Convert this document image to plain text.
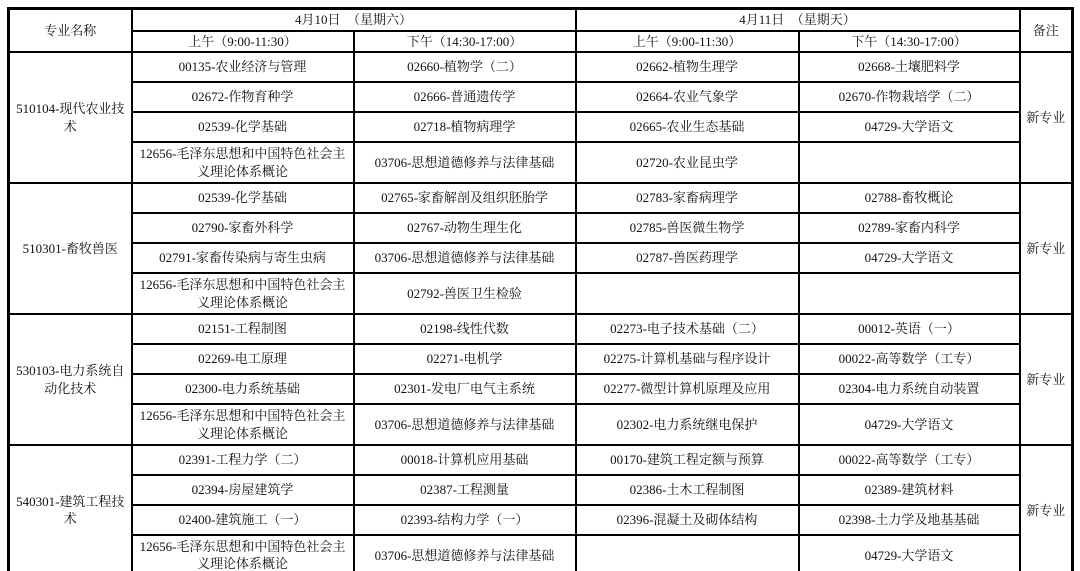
专业名称	4月10日　（星期六）		4月11日　（星期天）		备注
	上午（9:00-11:30）	下午（14:30-17:00）	上午（9:00-11:30）	下午（14:30-17:00）	
510104-现代农业技术	00135-农业经济与管理	02660-植物学（二）	02662-植物生理学	02668-土壤肥料学	新专业
	02672-作物育种学	02666-普通遗传学	02664-农业气象学	02670-作物栽培学（二）	
	02539-化学基础	02718-植物病理学	02665-农业生态基础	04729-大学语文	
	12656-毛泽东思想和中国特色社会主义理论体系概论	03706-思想道德修养与法律基础	02720-农业昆虫学		
510301-畜牧兽医	02539-化学基础	02765-家畜解剖及组织胚胎学	02783-家畜病理学	02788-畜牧概论	新专业
	02790-家畜外科学	02767-动物生理生化	02785-兽医微生物学	02789-家畜内科学	
	02791-家畜传染病与寄生虫病	03706-思想道德修养与法律基础	02787-兽医药理学	04729-大学语文	
	12656-毛泽东思想和中国特色社会主义理论体系概论	02792-兽医卫生检验			
530103-电力系统自动化技术	02151-工程制图	02198-线性代数	02273-电子技术基础（二）	00012-英语（一）	新专业
	02269-电工原理	02271-电机学	02275-计算机基础与程序设计	00022-高等数学（工专）	
	02300-电力系统基础	02301-发电厂电气主系统	02277-微型计算机原理及应用	02304-电力系统自动装置	
	12656-毛泽东思想和中国特色社会主义理论体系概论	03706-思想道德修养与法律基础	02302-电力系统继电保护	04729-大学语文	
540301-建筑工程技术	02391-工程力学（二）	00018-计算机应用基础	00170-建筑工程定额与预算	00022-高等数学（工专）	新专业
	02394-房屋建筑学	02387-工程测量	02386-土木工程制图	02389-建筑材料	
	02400-建筑施工（一）	02393-结构力学（一）	02396-混凝土及砌体结构	02398-土力学及地基基础	
	12656-毛泽东思想和中国特色社会主义理论体系概论	03706-思想道德修养与法律基础		04729-大学语文	
